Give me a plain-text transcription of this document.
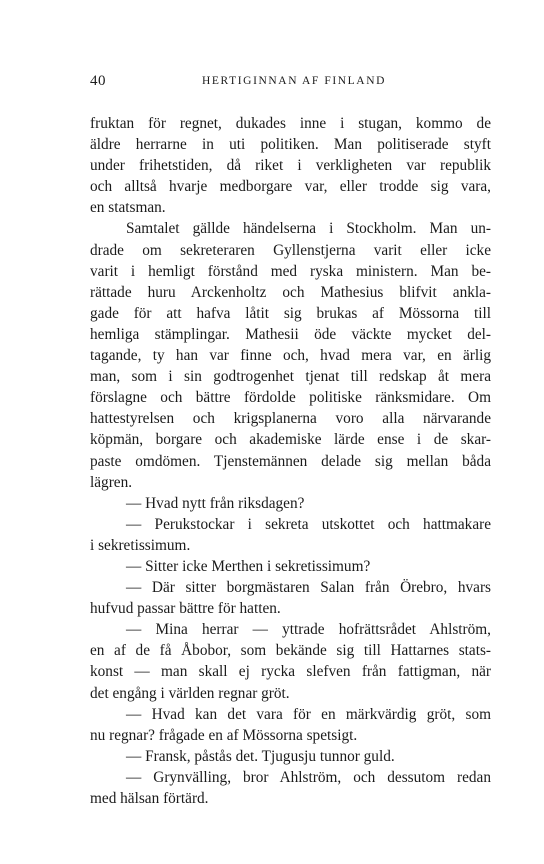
40	HERTIGINNAN AF FINLAND
fruktan för regnet, dukades inne i stugan, kommo de
äldre herrarne in uti politiken. Man politiserade styft
under frihetstiden, då riket i verkligheten var republik
och alltså hvarje medborgare var, eller trodde sig vara,
en statsman.
Samtalet gällde händelserna i Stockholm. Man un-
drade om sekreteraren Gyllenstjerna varit eller icke
varit i hemligt förstånd med ryska ministern. Man be-
rättade huru Arckenholtz och Mathesius blifvit ankla-
gade för att hafva låtit sig brukas af Mössorna till
hemliga stämplingar. Mathesii öde väckte mycket del-
tagande, ty han var finne och, hvad mera var, en ärlig
man, som i sin godtrogenhet tjenat till redskap åt mera
förslagne och bättre fördolde politiske ränksmidare. Om
hattestyrelsen och krigsplanerna voro alla närvarande
köpmän, borgare och akademiske lärde ense i de skar-
paste omdömen. Tjenstemännen delade sig mellan båda
lägren.
— Hvad nytt från riksdagen?
— Perukstockar i sekreta utskottet och hattmakare
i sekretissimum.
— Sitter icke Merthen i sekretissimum?
— Där sitter borgmästaren Salan från Örebro, hvars
hufvud passar bättre för hatten.
— Mina herrar — yttrade hofrättsrådet Ahlström,
en af de få Åbobor, som bekände sig till Hattarnes stats-
konst — man skall ej rycka slefven från fattigman, när
det engång i världen regnar gröt.
— Hvad kan det vara för en märkvärdig gröt, som
nu regnar? frågade en af Mössorna spetsigt.
— Fransk, påstås det. Tjugusju tunnor guld.
— Grynvälling, bror Ahlström, och dessutom redan
med hälsan förtärd.
